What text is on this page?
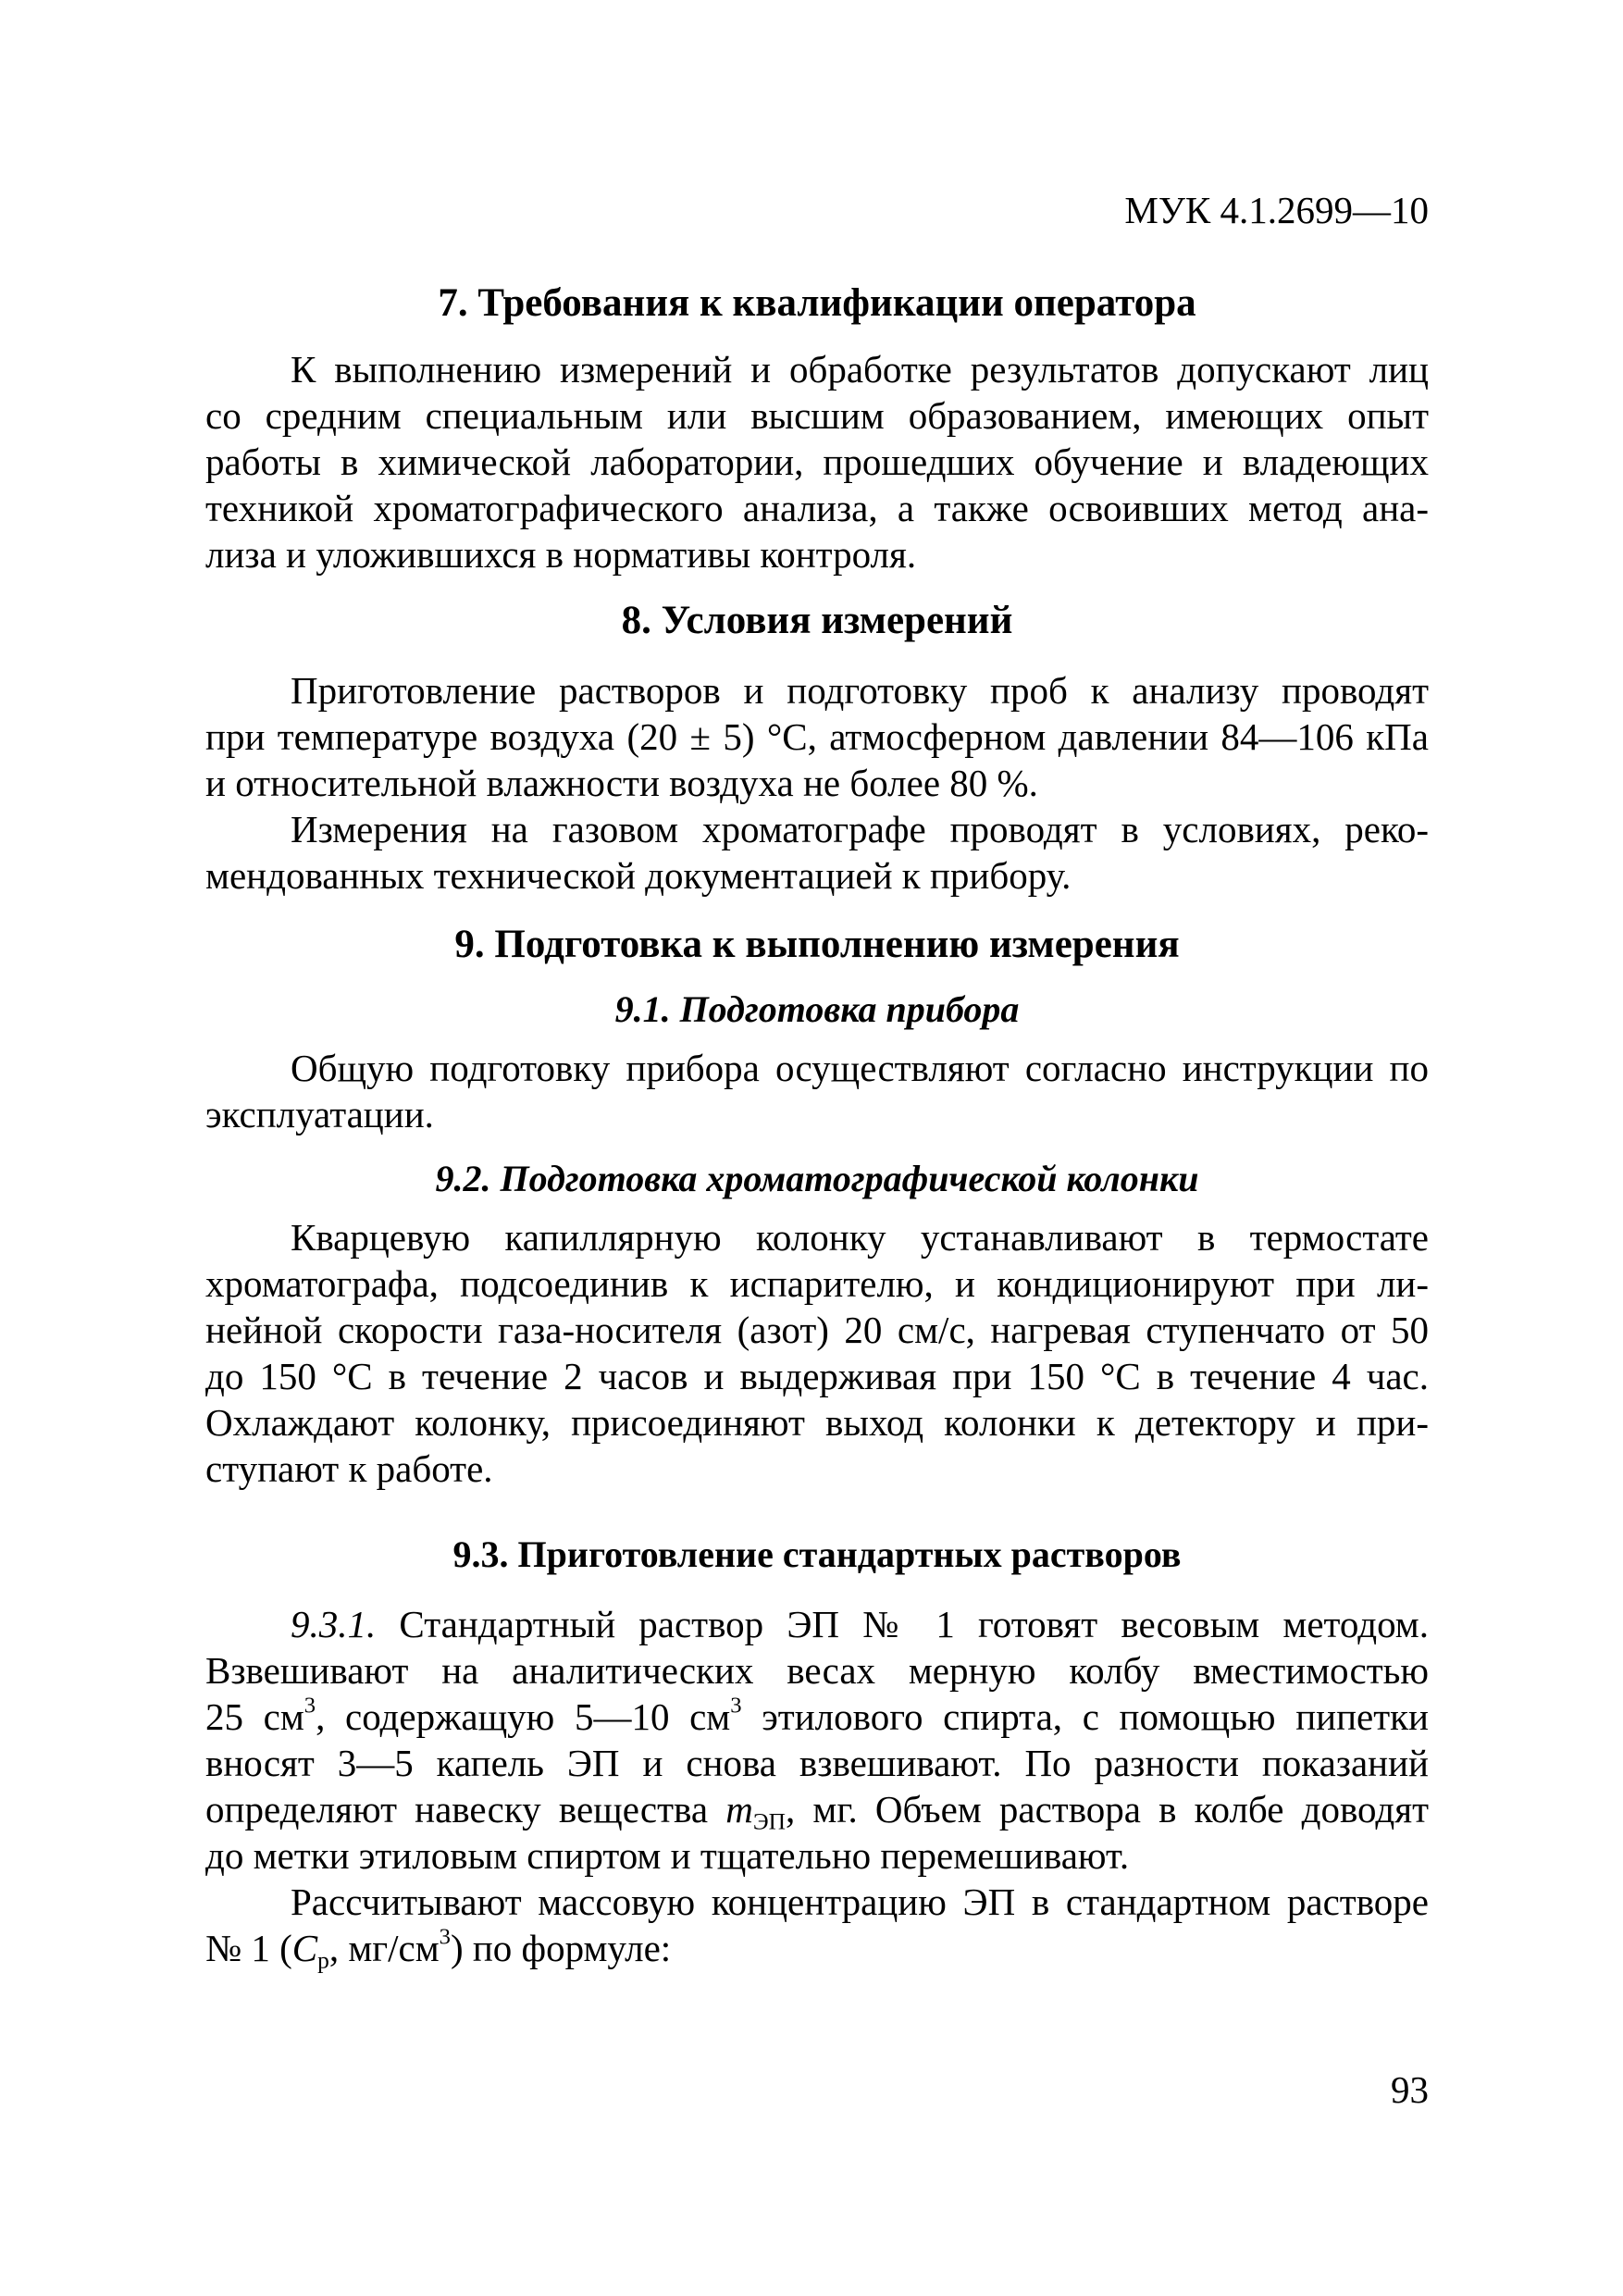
МУК 4.1.2699—10
7. Требования к квалификации оператора
К выполнению измерений и обработке результатов допускают лиц
со средним специальным или высшим образованием, имеющих опыт
работы в химической лаборатории, прошедших обучение и владеющих
техникой хроматографического анализа, а также освоивших метод ана-
лиза и уложившихся в нормативы контроля.
8. Условия измерений
Приготовление растворов и подготовку проб к анализу проводят
при температуре воздуха (20 ± 5) °С, атмосферном давлении 84—106 кПа
и относительной влажности воздуха не более 80 %.
Измерения на газовом хроматографе проводят в условиях, реко-
мендованных технической документацией к прибору.
9. Подготовка к выполнению измерения
9.1. Подготовка прибора
Общую подготовку прибора осуществляют согласно инструкции по
эксплуатации.
9.2. Подготовка хроматографической колонки
Кварцевую капиллярную колонку устанавливают в термостате
хроматографа, подсоединив к испарителю, и кондиционируют при ли-
нейной скорости газа-носителя (азот) 20 см/с, нагревая ступенчато от 50
до 150 °С в течение 2 часов и выдерживая при 150 °С в течение 4 час.
Охлаждают колонку, присоединяют выход колонки к детектору и при-
ступают к работе.
9.3. Приготовление стандартных растворов
9.3.1. Стандартный раствор ЭП № 1 готовят весовым методом.
Взвешивают на аналитических весах мерную колбу вместимостью
25 $см^3$, содержащую 5—10 $см^3$ этилового спирта, с помощью пипетки
вносят 3—5 капель ЭП и снова взвешивают. По разности показаний
определяют навеску вещества $m_{ЭП}$, мг. Объем раствора в колбе доводят
до метки этиловым спиртом и тщательно перемешивают.
Рассчитывают массовую концентрацию ЭП в стандартном растворе
№ 1 ($C_р$, $мг/см^3$) по формуле:
93
